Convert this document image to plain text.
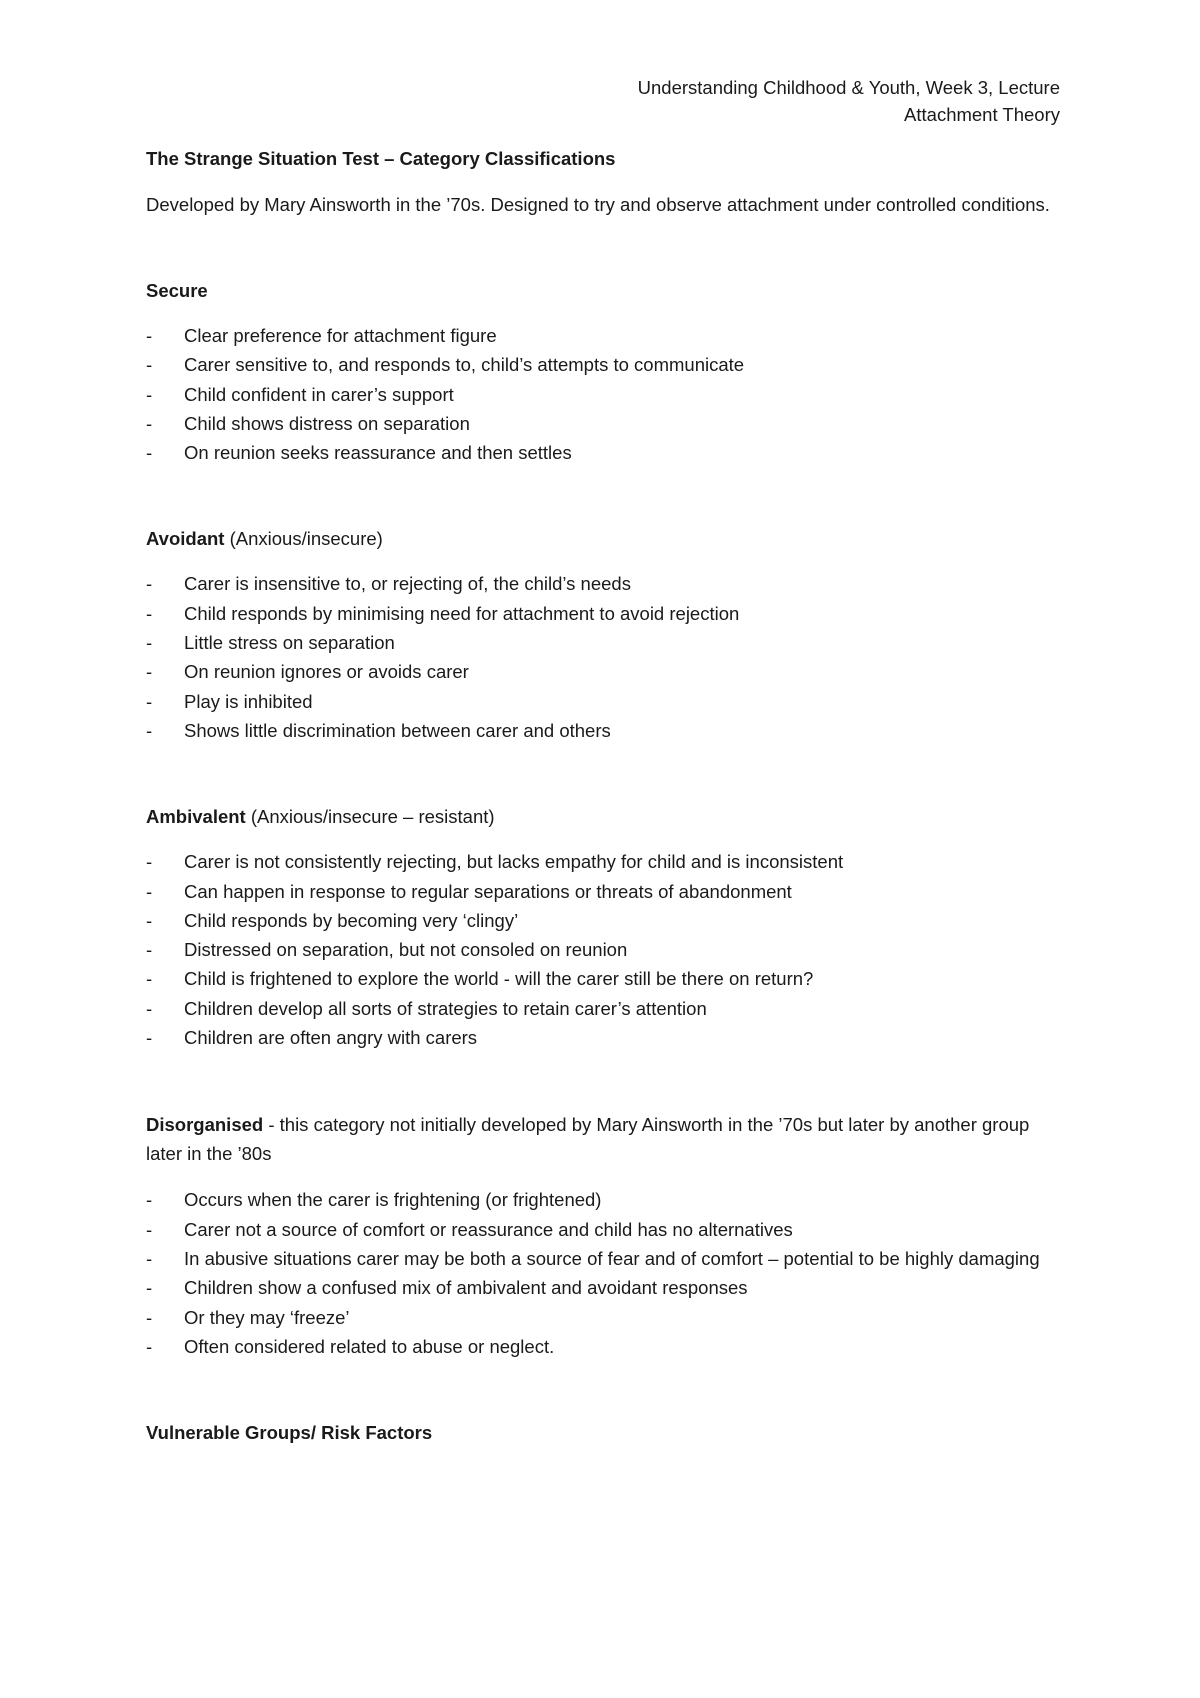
Understanding Childhood & Youth, Week 3, Lecture
Attachment Theory

The Strange Situation Test – Category Classifications

Developed by Mary Ainsworth in the ’70s. Designed to try and observe attachment under controlled conditions.

Secure

- Clear preference for attachment figure
- Carer sensitive to, and responds to, child’s attempts to communicate
- Child confident in carer’s support
- Child shows distress on separation
- On reunion seeks reassurance and then settles

Avoidant (Anxious/insecure)

- Carer is insensitive to, or rejecting of, the child’s needs
- Child responds by minimising need for attachment to avoid rejection
- Little stress on separation
- On reunion ignores or avoids carer
- Play is inhibited
- Shows little discrimination between carer and others

Ambivalent (Anxious/insecure – resistant)

- Carer is not consistently rejecting, but lacks empathy for child and is inconsistent
- Can happen in response to regular separations or threats of abandonment
- Child responds by becoming very ‘clingy’
- Distressed on separation, but not consoled on reunion
- Child is frightened to explore the world - will the carer still be there on return?
- Children develop all sorts of strategies to retain carer’s attention
- Children are often angry with carers

Disorganised - this category not initially developed by Mary Ainsworth in the ’70s but later by another group later in the ’80s

- Occurs when the carer is frightening (or frightened)
- Carer not a source of comfort or reassurance and child has no alternatives
- In abusive situations carer may be both a source of fear and of comfort – potential to be highly damaging
- Children show a confused mix of ambivalent and avoidant responses
- Or they may ‘freeze’
- Often considered related to abuse or neglect.

Vulnerable Groups/ Risk Factors
